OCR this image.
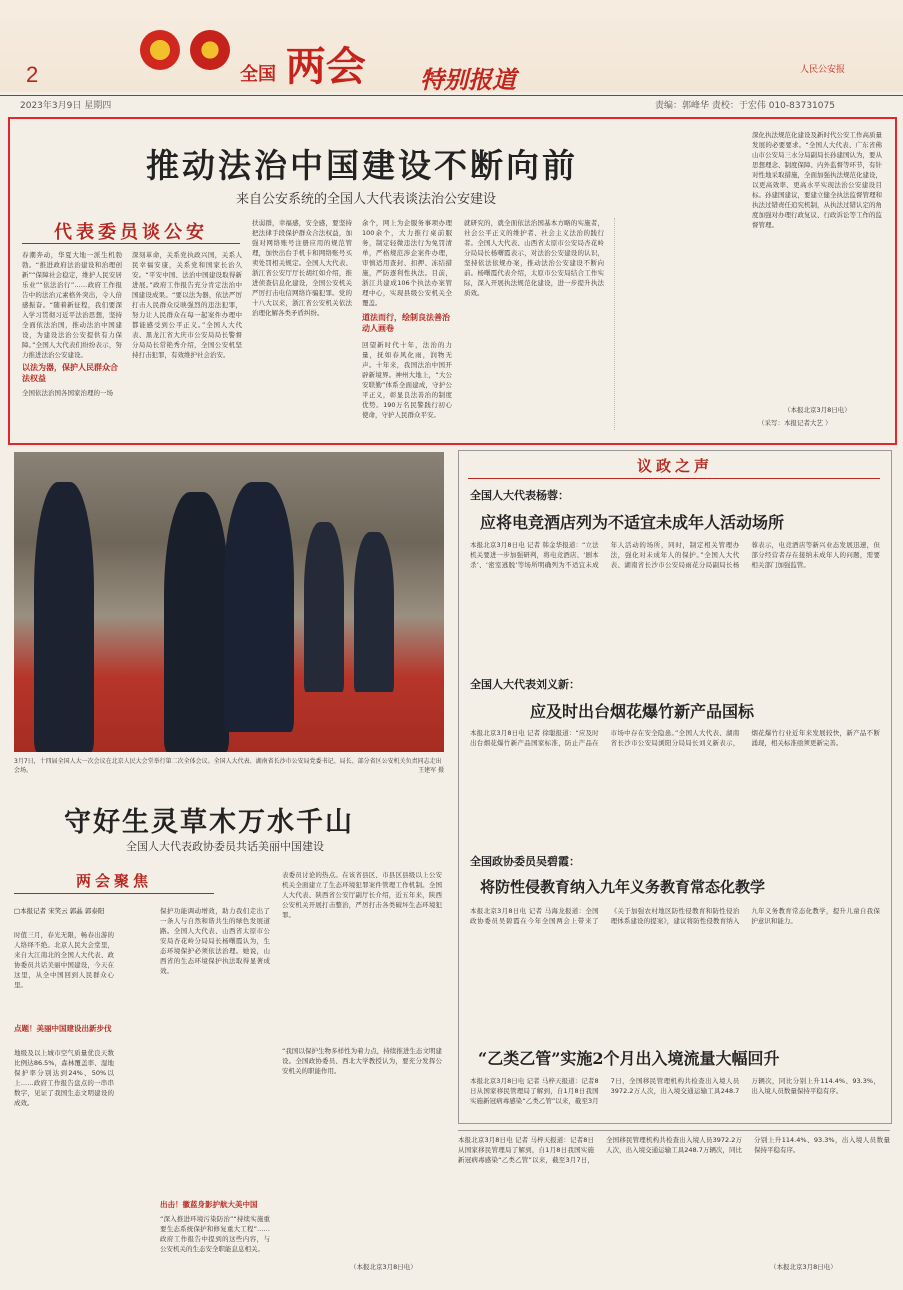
2	全国 两会 特别报道	人民公安报
2023年3月9日 星期四	责编：郭峰华 责校：于宏伟 010-83731075
推动法治中国建设不断向前
来自公安系统的全国人大代表谈法治公安建设
代表委员谈公安
春潮奔动，华夏大地一派生机勃勃。“推进政府法治建设和治理创新”“保障社会稳定，维护人民安居乐业”“依法治行”……政府工作报告中的法治元素格外突出，令人倍感振奋。“随着新征程，我们要深入学习贯彻习近平法治思想，坚持全面依法治国，推动法治中国建设，为建设法治公安提供有力保障。”全国人大代表们纷纷表示，努力推进法治公安建设。
以法为器，保护人民群众合法权益
全国依法治国各国家治理的一场
深刻革命，关系党执政兴国，关系人民幸福安康，关系党和国家长治久安。“平安中国、法治中国建设取得新进展。”政府工作报告充分肯定法治中国建设成果。“要以法为器，依法严厉打击人民群众反映强烈的违法犯罪，努力让人民群众在每一起案件办理中都能感受到公平正义。”全国人大代表、黑龙江省大庆市公安局局长警督分局局长常艳秀介绍，全国公安机坚持打击犯罪，有效维护社会治安。
扶弱群，幸福感，安全感，要坚持把法律手段保护群众合法权益，加强对网络账号注册应用的规范管理，加快出台手机卡和网络账号买卖处罚相关规定。全国人大代表、浙江省公安厅厅长胡红如介绍，推进侦查信息化建设，全国公安机关严厉打击电信网络诈骗犯罪。党的十八大以来，浙江省公安机关依法治理化解各类矛盾纠纷。
余个，网上为企服务事项办理100余个，大力推行桌前服务，制定轻微违法行为免罚清单，严格规范涉企案件办理，审慎适用查封、扣押、冻结措施，严防逐利性执法。目前，浙江共建成106个执法办案管理中心，实现县级公安机关全覆盖。
道法而行，绘制良法善治动人画卷
回望新时代十年，法治的力量，抚如春风化雨，润物无声。十年来，我国法治中国开辟新境界。神州大地上，“大公安联勤”体系全面建成，守护公平正义，彰显良法善治的制度优势。190万名民警践行初心使命，守护人民群众平安。
就研究的，就全面依法治国基本方略的实施者，社会公平正义的维护者、社会主义法治的践行者。全国人大代表、山西省太原市公安局杏花岭分局局长杨曙霞表示，对法治公安建设的认识，坚持依法依规办案，推动法治公安建设不断向前。杨曙霞代表介绍，太原市公安局结合工作实际，深入开展执法规范化建设，进一步提升执法质效。
深化执法规范化建设及新时代公安工作高质量发展的必要要求。“全国人大代表、广东省佛山市公安局三水分局副局长孙建国认为，要从思想理念、制度保障、内外监督等环节，有针对性地采取措施，全面加强执法规范化建设，以更高效率、更高水平实现法治公安建设目标。孙建国建议，要建立健全执法监督管理和执法过错责任追究机制，从执法过错认定的角度加强对办理行政复议、行政诉讼等工作的监督管理。
（本报北京3月8日电）
（采写：本报记者大艺 ）
3月7日，十四届全国人大一次会议在北京人民大会堂举行第二次全体会议。全国人大代表、湖南省长沙市公安局党委书记、局长、部分省区公安机关负责同志走出会场。	王建军 摄
守好生灵草木万水千山
全国人大代表政协委员共话美丽中国建设
两会聚焦
□本报记者 宋笑云 郭晶 郭泰阳
时值三月，春光无限，畅春出游的人络绎不绝。北京人民大会堂里，来自大江南北的全国人大代表、政协委员共话美丽中国建设，今天在这里，从全中国回到人民群众心里。
点题！美丽中国建设出新步伐
地级及以上城市空气质量优良天数比例达86.5%，森林覆盖率、湿地保护率分别达到24%、50%以上……政府工作报告盘点的一串串数字，见证了我国生态文明建设的成效。
保护功能调动增效，助力我们走出了一条人与自然和谐共生的绿色发展道路。全国人大代表、山西省太原市公安局杏花岭分局局长杨曙霞认为，生态环境保护必须依法治理。她说，山西省的生态环境保护执法取得显著成效。
出击！徽蓝身影护航大美中国
“深入推进环境污染防治”“持续实施重要生态系统保护和修复重大工程”……政府工作报告中提到的这些内容，与公安机关的生态安全职能息息相关。
表委员讨论的热点。在该省县区、市县区县级以上公安机关全面建立了生态环境犯罪案件管理工作机制。全国人大代表、陕西省公安厅副厅长介绍，近五年来，陕西公安机关开展打击整治，严厉打击各类破坏生态环境犯罪。
“我国以保护生物多样性为着力点，持续推进生态文明建设。全国政协委员、西北大学教授认为，要充分发挥公安机关的职能作用。
（本报北京3月8日电）
议政之声
全国人大代表杨蓉：
应将电竞酒店列为不适宜未成年人活动场所
本报北京3月8日电 记者 韩金华报道：“立法机关要进一步加强研判，将电竞酒店、‘剧本杀’、‘密室逃脱’等场所明确列为不适宜未成年人活动的场所，同时，制定相关管理办法，强化对未成年人的保护。”全国人大代表、湖南省长沙市公安局雨花分局副局长杨蓉表示，电竞酒店等新兴业态发展迅速，但部分经营者存在接纳未成年人的问题，需要相关部门加强监管。
全国人大代表刘义新：
应及时出台烟花爆竹新产品国标
本报北京3月8日电 记者 徐聪报道：“应及时出台烟花爆竹新产品国家标准，防止产品在市场中存在安全隐患。”全国人大代表、湖南省长沙市公安局浏阳分局局长刘义新表示，烟花爆竹行业近年来发展较快，新产品不断涌现，相关标准亟须更新完善。
全国政协委员吴碧霞：
将防性侵教育纳入九年义务教育常态化教学
本报北京3月8日电 记者 马海龙报道：全国政协委员吴碧霞在今年全国两会上带来了《关于加强农村地区防性侵教育和防性侵治理体系建设的提案》，建议将防性侵教育纳入九年义务教育常态化教学，提升儿童自我保护意识和能力。
“乙类乙管”实施2个月出入境流量大幅回升
本报北京3月8日电 记者 马梓天报道：记者8日从国家移民管理局了解到，自1月8日我国实施新冠病毒感染“乙类乙管”以来，截至3月7日，全国移民管理机构共检查出入境人员3972.2万人次，出入境交通运输工具248.7万辆次，同比分别上升114.4%、93.3%，出入境人员数量保持平稳有序。
本报北京3月8日电 记者 马梓天报道：记者8日从国家移民管理局了解到，自1月8日我国实施新冠病毒感染“乙类乙管”以来，截至3月7日，全国移民管理机构共检查出入境人员3972.2万人次，出入境交通运输工具248.7万辆次，同比分别上升114.4%、93.3%，出入境人员数量保持平稳有序。
（本报北京3月8日电）
